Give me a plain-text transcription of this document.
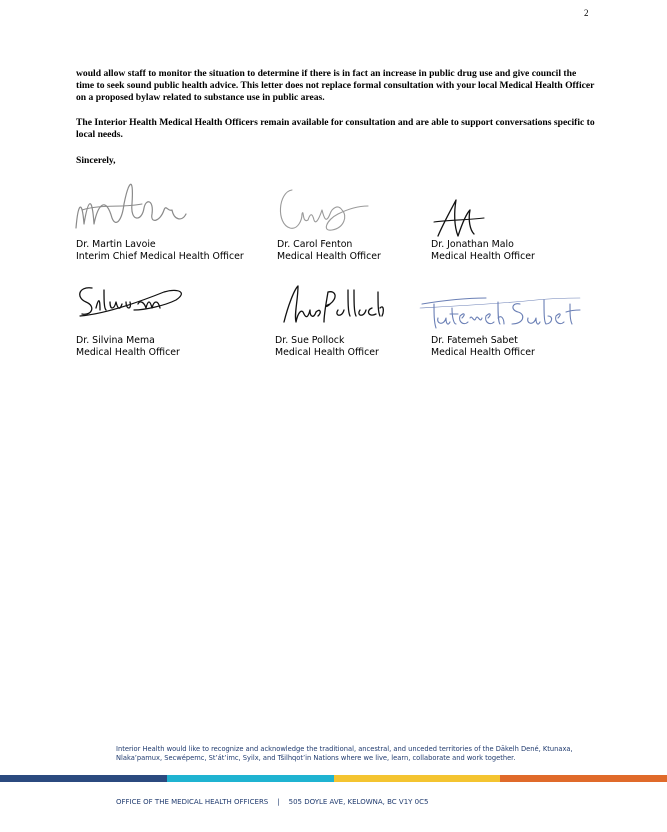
2

would allow staff to monitor the situation to determine if there is in fact an increase in public drug use and give council the time to seek sound public health advice. This letter does not replace formal consultation with your local Medical Health Officer on a proposed bylaw related to substance use in public areas.

The Interior Health Medical Health Officers remain available for consultation and are able to support conversations specific to local needs.

Sincerely,

Dr. Martin Lavoie
Interim Chief Medical Health Officer
Dr. Carol Fenton
Medical Health Officer
Dr. Jonathan Malo
Medical Health Officer
Dr. Silvina Mema
Medical Health Officer
Dr. Sue Pollock
Medical Health Officer
Dr. Fatemeh Sabet
Medical Health Officer
Interior Health would like to recognize and acknowledge the traditional, ancestral, and unceded territories of the Dākelh Dené, Ktunaxa, Nlaka’pamux, Secwépemc, St’át’imc, Syilx, and Tšilhqot’in Nations where we live, learn, collaborate and work together.
OFFICE OF THE MEDICAL HEALTH OFFICERS | 505 DOYLE AVE, KELOWNA, BC V1Y 0C5
